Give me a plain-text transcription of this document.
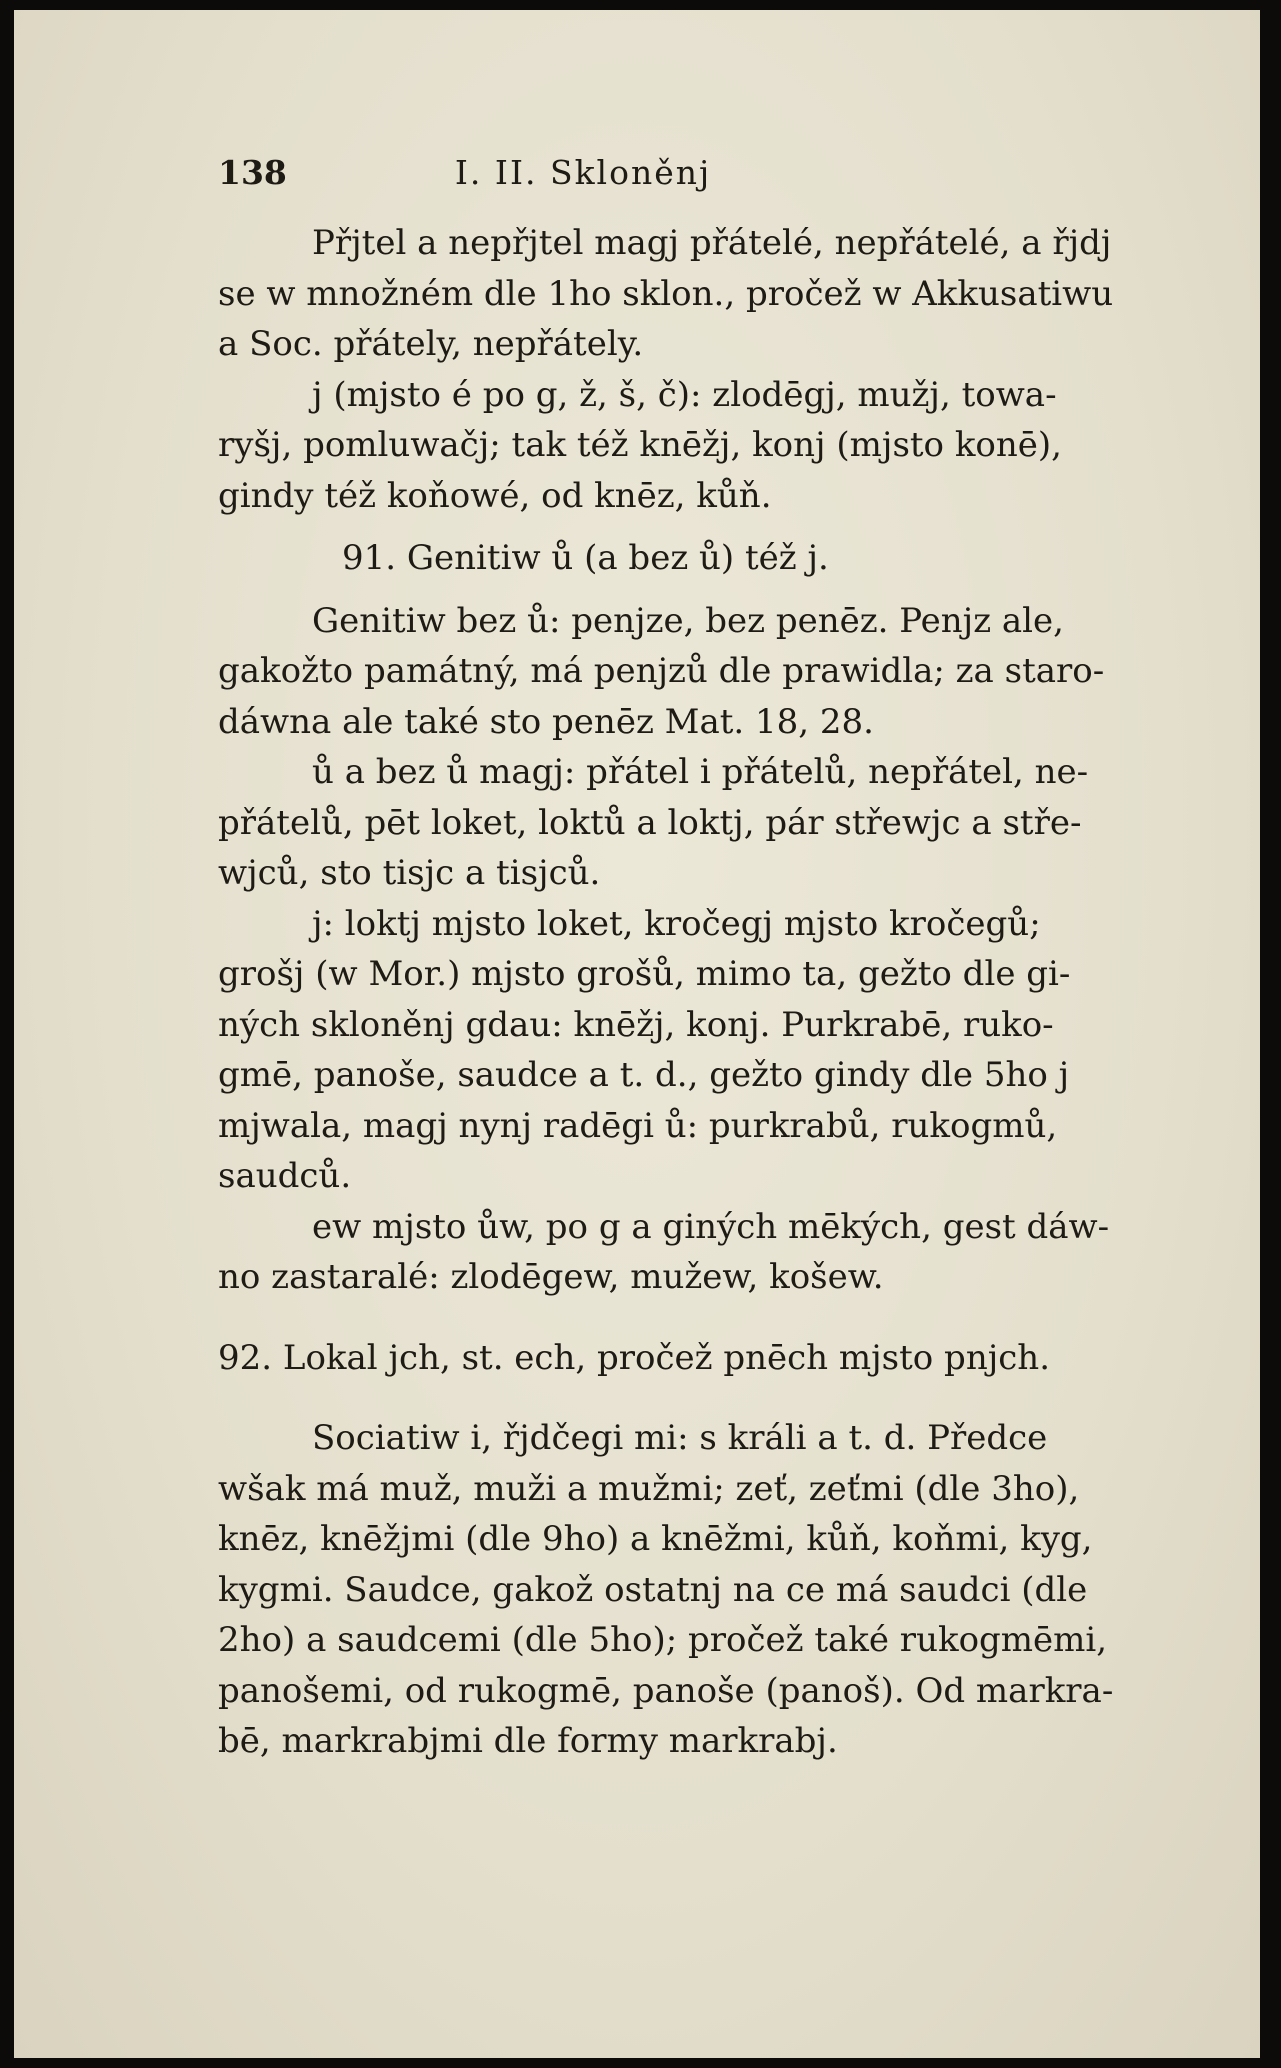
138	I. II. Skloněnj

Přjtel a nepřjtel magj přátelé, nepřátelé, a řjdj
se w množném dle 1ho sklon., pročež w Akkusatiwu
a Soc. přátely, nepřátely.

j (mjsto é po g, ž, š, č): zlodēgj, mužj, towa-
ryšj, pomluwačj; tak též knēžj, konj (mjsto konē),
gindy též koňowé, od knēz, kůň.

91. Genitiw ů (a bez ů) též j.

Genitiw bez ů: penjze, bez penēz. Penjz ale,
gakožto památný, má penjzů dle prawidla; za staro-
dáwna ale také sto penēz Mat. 18, 28.

ů a bez ů magj: přátel i přátelů, nepřátel, ne-
přátelů, pēt loket, loktů a loktj, pár střewjc a stře-
wjců, sto tisjc a tisjců.

j: loktj mjsto loket, kročegj mjsto kročegů;
grošj (w Mor.) mjsto grošů, mimo ta, gežto dle gi-
ných skloněnj gdau: knēžj, konj. Purkrabē, ruko-
gmē, panoše, saudce a t. d., gežto gindy dle 5ho j
mjwala, magj nynj radēgi ů: purkrabů, rukogmů,
saudců.

ew mjsto ůw, po g a giných mēkých, gest dáw-
no zastaralé: zlodēgew, mužew, košew.

92. Lokal jch, st. ech, pročež pnēch mjsto pnjch.

Sociatiw i, řjdčegi mi: s králi a t. d. Předce
wšak má muž, muži a mužmi; zeť, zeťmi (dle 3ho),
knēz, knēžjmi (dle 9ho) a knēžmi, kůň, koňmi, kyg,
kygmi. Saudce, gakož ostatnj na ce má saudci (dle
2ho) a saudcemi (dle 5ho); pročež také rukogmēmi,
panošemi, od rukogmē, panoše (panoš). Od markra-
bē, markrabjmi dle formy markrabj.
